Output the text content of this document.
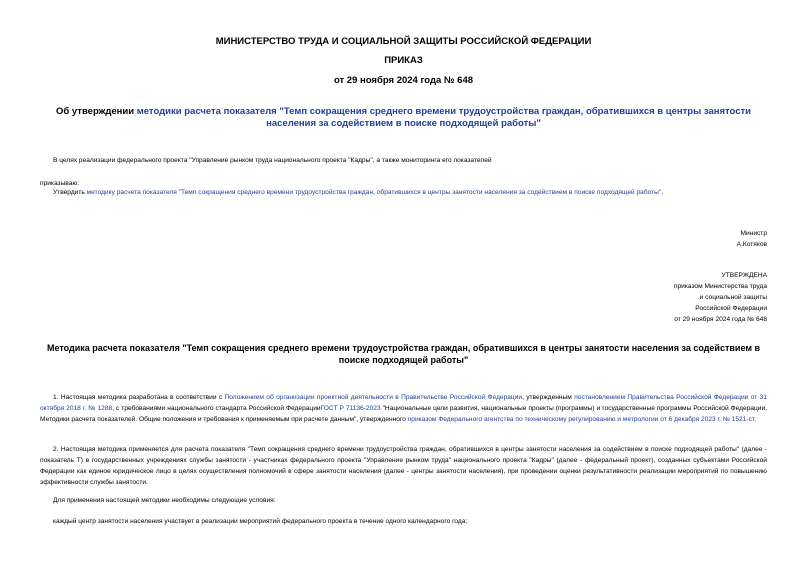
МИНИСТЕРСТВО ТРУДА И СОЦИАЛЬНОЙ ЗАЩИТЫ РОССИЙСКОЙ ФЕДЕРАЦИИ
ПРИКАЗ
от 29 ноября 2024 года № 648
Об утверждении методики расчета показателя "Темп сокращения среднего времени трудоустройства граждан, обратившихся в центры занятости населения за содействием в поиске подходящей работы"
В целях реализации федерального проекта "Управление рынком труда национального проекта "Кадры", а также мониторинга его показателей
приказываю:
Утвердить методику расчета показателя "Темп сокращения среднего времени трудоустройства граждан, обратившихся в центры занятости населения за содействием в поиске подходящей работы".
Министр
А.Котяков
УТВЕРЖДЕНА
приказом Министерства труда
и социальной защиты
Российской Федерации
от 29 ноября 2024 года № 648
Методика расчета показателя "Темп сокращения среднего времени трудоустройства граждан, обратившихся в центры занятости населения за содействием в поиске подходящей работы"
1. Настоящая методика разработана в соответствии с Положением об организации проектной деятельности в Правительстве Российской Федерации, утвержденным постановлением Правительства Российской Федерации от 31 октября 2018 г. № 1288, с требованиями национального стандарта Российской ФедерацииГОСТ Р 71136-2023 "Национальные цели развития, национальные проекты (программы) и государственные программы Российской Федерации. Методики расчета показателей. Общие положения и требования к применяемым при расчете данным", утвержденного приказом Федерального агентства по техническому регулированию и метрологии от 6 декабря 2023 г. № 1521-ст.
2. Настоящая методика применяется для расчета показателя "Темп сокращения среднего времени трудоустройства граждан, обратившихся в центры занятости населения за содействием в поиске подходящей работы" (далее - показатель T) в государственных учреждениях службы занятости - участниках федерального проекта "Управление рынком труда" национального проекта "Кадры" (далее - федеральный проект), созданных субъектами Российской Федерации как единое юридическое лицо в целях осуществления полномочий в сфере занятости населения (далее - центры занятости населения), при проведении оценки результативности реализации мероприятий по повышению эффективности службы занятости.
Для применения настоящей методики необходимы следующие условия:
каждый центр занятости населения участвует в реализации мероприятий федерального проекта в течение одного календарного года;
